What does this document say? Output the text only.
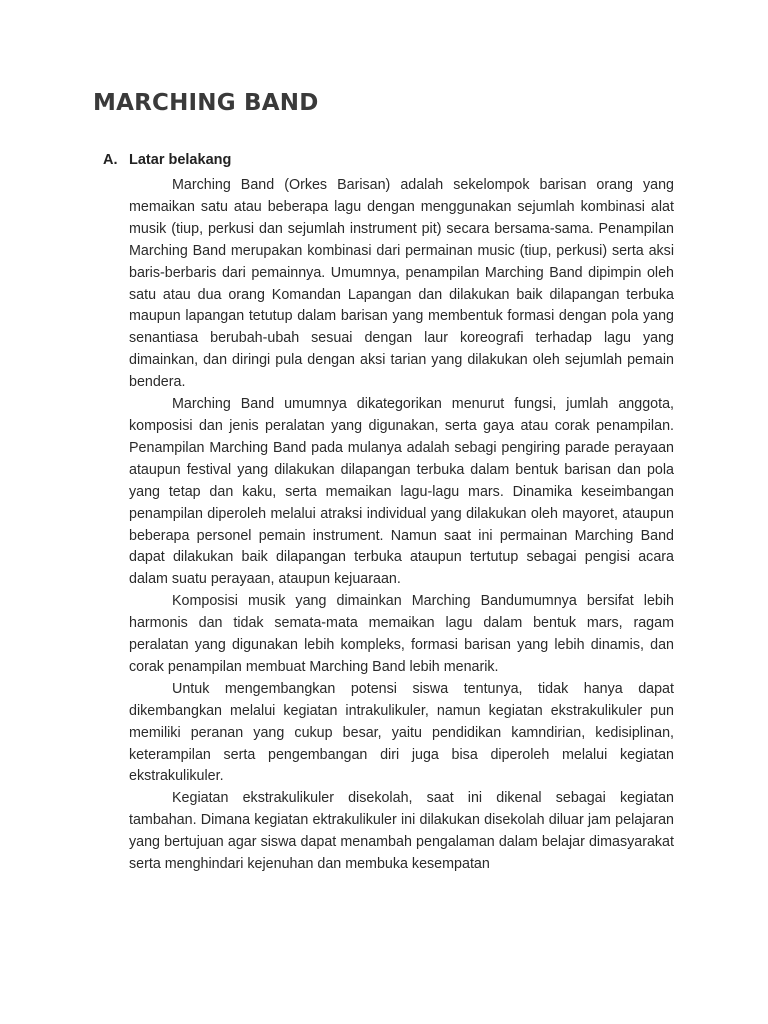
MARCHING BAND
A. Latar belakang

Marching Band (Orkes Barisan) adalah sekelompok barisan orang yang memaikan satu atau beberapa lagu dengan menggunakan sejumlah kombinasi alat musik (tiup, perkusi dan sejumlah instrument pit) secara bersama-sama. Penampilan Marching Band merupakan kombinasi dari permainan music (tiup, perkusi) serta aksi baris-berbaris dari pemainnya. Umumnya, penampilan Marching Band dipimpin oleh satu atau dua orang Komandan Lapangan dan dilakukan baik dilapangan terbuka maupun lapangan tetutup dalam barisan yang membentuk formasi dengan pola yang senantiasa berubah-ubah sesuai dengan laur koreografi terhadap lagu yang dimainkan, dan diringi pula dengan aksi tarian yang dilakukan oleh sejumlah pemain bendera.

Marching Band umumnya dikategorikan menurut fungsi, jumlah anggota, komposisi dan jenis peralatan yang digunakan, serta gaya atau corak penampilan. Penampilan Marching Band pada mulanya adalah sebagi pengiring parade perayaan ataupun festival yang dilakukan dilapangan terbuka dalam bentuk barisan dan pola yang tetap dan kaku, serta memaikan lagu-lagu mars. Dinamika keseimbangan penampilan diperoleh melalui atraksi individual yang dilakukan oleh mayoret, ataupun beberapa personel pemain instrument. Namun saat ini permainan Marching Band dapat dilakukan baik dilapangan terbuka ataupun tertutup sebagai pengisi acara dalam suatu perayaan, ataupun kejuaraan.

Komposisi musik yang dimainkan Marching Bandumumnya bersifat lebih harmonis dan tidak semata-mata memaikan lagu dalam bentuk mars, ragam peralatan yang digunakan lebih kompleks, formasi barisan yang lebih dinamis, dan corak penampilan membuat Marching Band lebih menarik.

Untuk mengembangkan potensi siswa tentunya, tidak hanya dapat dikembangkan melalui kegiatan intrakulikuler, namun kegiatan ekstrakulikuler pun memiliki peranan yang cukup besar, yaitu pendidikan kamndirian, kedisiplinan, keterampilan serta pengembangan diri juga bisa diperoleh melalui kegiatan ekstrakulikuler.

Kegiatan ekstrakulikuler disekolah, saat ini dikenal sebagai kegiatan tambahan. Dimana kegiatan ektrakulikuler ini dilakukan disekolah diluar jam pelajaran yang bertujuan agar siswa dapat menambah pengalaman dalam belajar dimasyarakat serta menghindari kejenuhan dan membuka kesempatan
